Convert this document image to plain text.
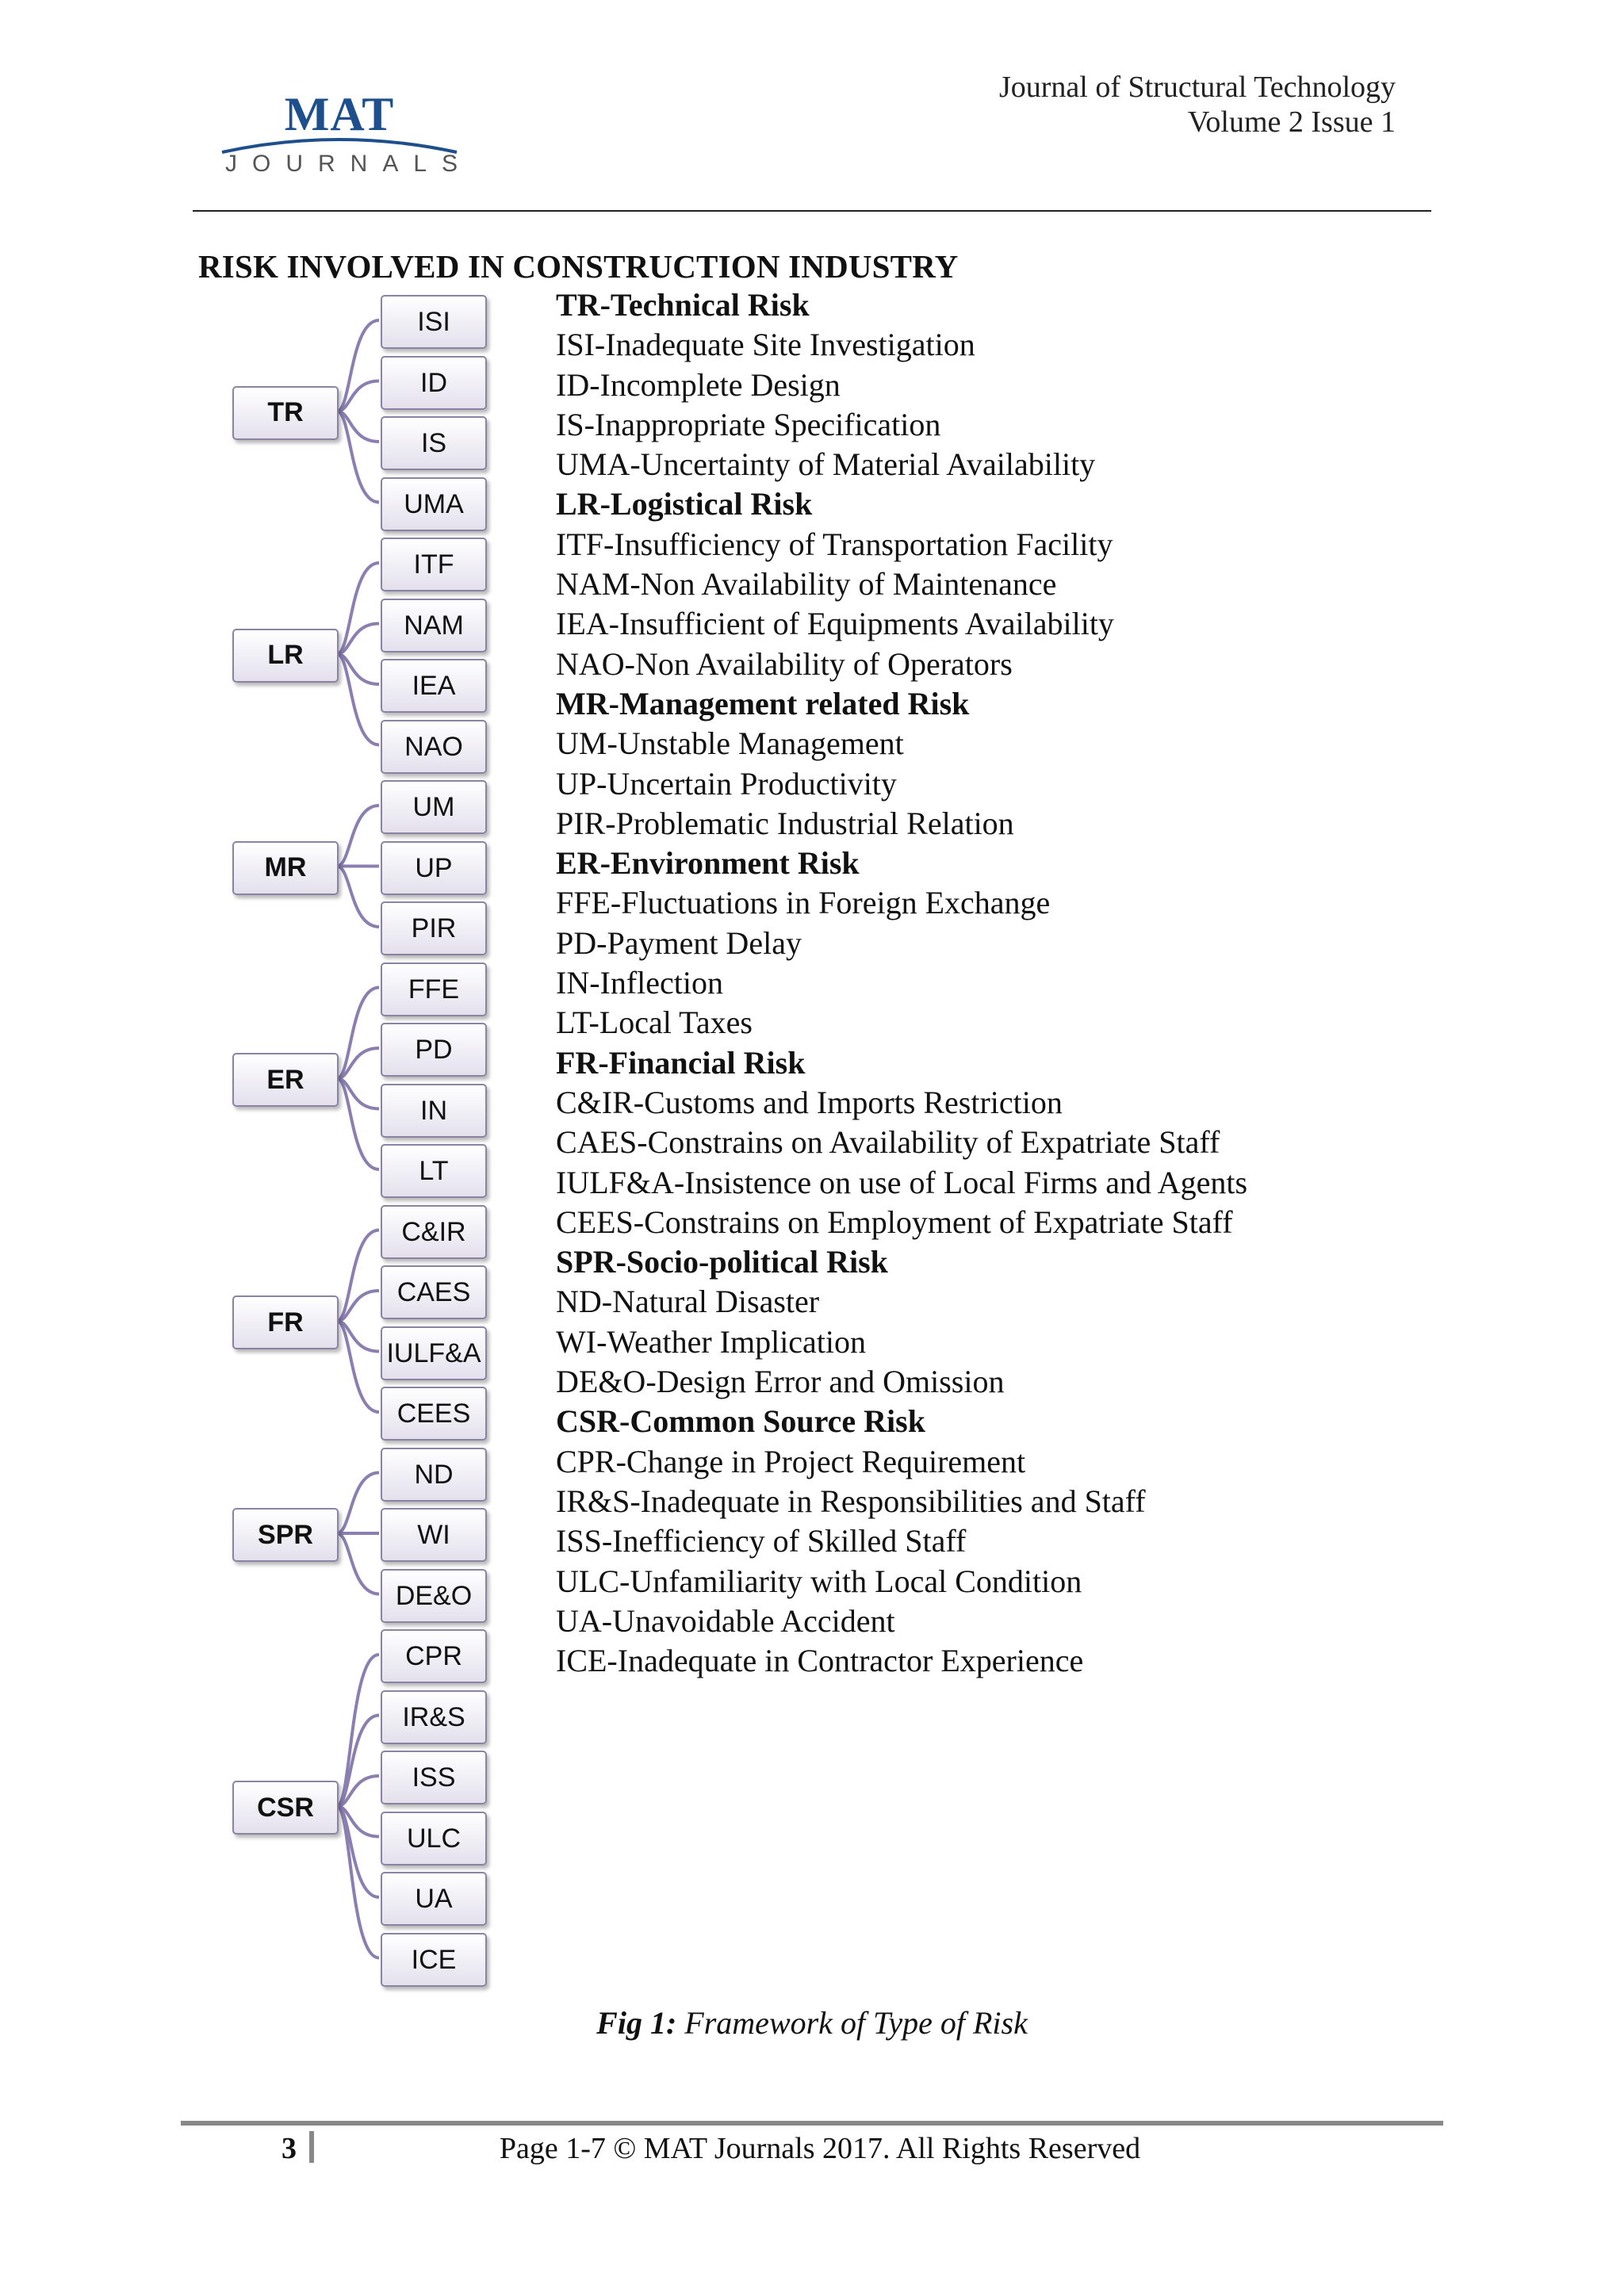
MAT
JOURNALS
Journal of Structural Technology
Volume 2 Issue 1
RISK INVOLVED IN CONSTRUCTION INDUSTRY
ISI
ID
IS
UMA
TR
ITF
NAM
IEA
NAO
LR
UM
UP
PIR
MR
FFE
PD
IN
LT
ER
C&IR
CAES
IULF&A
CEES
FR
ND
WI
DE&O
SPR
CPR
IR&S
ISS
ULC
UA
ICE
CSR
TR-Technical Risk
ISI-Inadequate Site Investigation
ID-Incomplete Design
IS-Inappropriate Specification
UMA-Uncertainty of Material Availability
LR-Logistical Risk
ITF-Insufficiency of Transportation Facility
NAM-Non Availability of Maintenance
IEA-Insufficient of Equipments Availability
NAO-Non Availability of Operators
MR-Management related Risk
UM-Unstable Management
UP-Uncertain Productivity
PIR-Problematic Industrial Relation
ER-Environment Risk
FFE-Fluctuations in Foreign Exchange
PD-Payment Delay
IN-Inflection
LT-Local Taxes
FR-Financial Risk
C&IR-Customs and Imports Restriction
CAES-Constrains on Availability of Expatriate Staff
IULF&A-Insistence on use of Local Firms and Agents
CEES-Constrains on Employment of Expatriate Staff
SPR-Socio-political Risk
ND-Natural Disaster
WI-Weather Implication
DE&O-Design Error and Omission
CSR-Common Source Risk
CPR-Change in Project Requirement
IR&S-Inadequate in Responsibilities and Staff
ISS-Inefficiency of Skilled Staff
ULC-Unfamiliarity with Local Condition
UA-Unavoidable Accident
ICE-Inadequate in Contractor Experience
Fig 1: Framework of Type of Risk
3	Page 1-7 © MAT Journals 2017. All Rights Reserved
